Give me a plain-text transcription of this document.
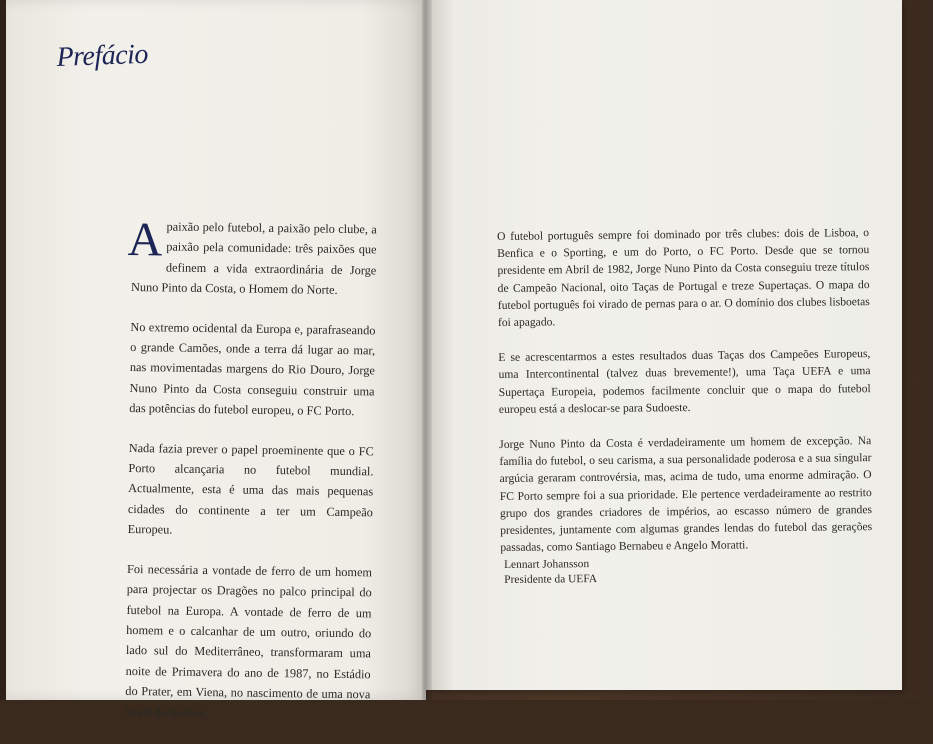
Prefácio

Apaixão pelo futebol, a paixão pelo clube, a paixão pela comunidade: três paixões que definem a vida extraordinária de Jorge Nuno Pinto da Costa, o Homem do Norte.

No extremo ocidental da Europa e, parafraseando o grande Camões, onde a terra dá lugar ao mar, nas movimentadas margens do Rio Douro, Jorge Nuno Pinto da Costa conseguiu construir uma das potências do futebol europeu, o FC Porto.

Nada fazia prever o papel proeminente que o FC Porto alcançaria no futebol mundial. Actualmente, esta é uma das mais pequenas cidades do continente a ter um Campeão Europeu.

Foi necessária a vontade de ferro de um homem para projectar os Dragões no palco principal do futebol na Europa. A vontade de ferro de um homem e o calcanhar de um outro, oriundo do lado sul do Mediterrâneo, transformaram uma noite de Primavera do ano de 1987, no Estádio do Prater, em Viena, no nascimento de uma nova lenda do futebol.

O futebol português sempre foi dominado por três clubes: dois de Lisboa, o Benfica e o Sporting, e um do Porto, o FC Porto. Desde que se tornou presidente em Abril de 1982, Jorge Nuno Pinto da Costa conseguiu treze títulos de Campeão Nacional, oito Taças de Portugal e treze Supertaças. O mapa do futebol português foi virado de pernas para o ar. O domínio dos clubes lisboetas foi apagado.

E se acrescentarmos a estes resultados duas Taças dos Campeões Europeus, uma Intercontinental (talvez duas brevemente!), uma Taça UEFA e uma Supertaça Europeia, podemos facilmente concluir que o mapa do futebol europeu está a deslocar-se para Sudoeste.

Jorge Nuno Pinto da Costa é verdadeiramente um homem de excepção. Na família do futebol, o seu carisma, a sua personalidade poderosa e a sua singular argúcia geraram controvérsia, mas, acima de tudo, uma enorme admiração. O FC Porto sempre foi a sua prioridade. Ele pertence verdadeiramente ao restrito grupo dos grandes criadores de impérios, ao escasso número de grandes presidentes, juntamente com algumas grandes lendas do futebol das gerações passadas, como Santiago Bernabeu e Angelo Moratti.

Lennart Johansson
Presidente da UEFA
